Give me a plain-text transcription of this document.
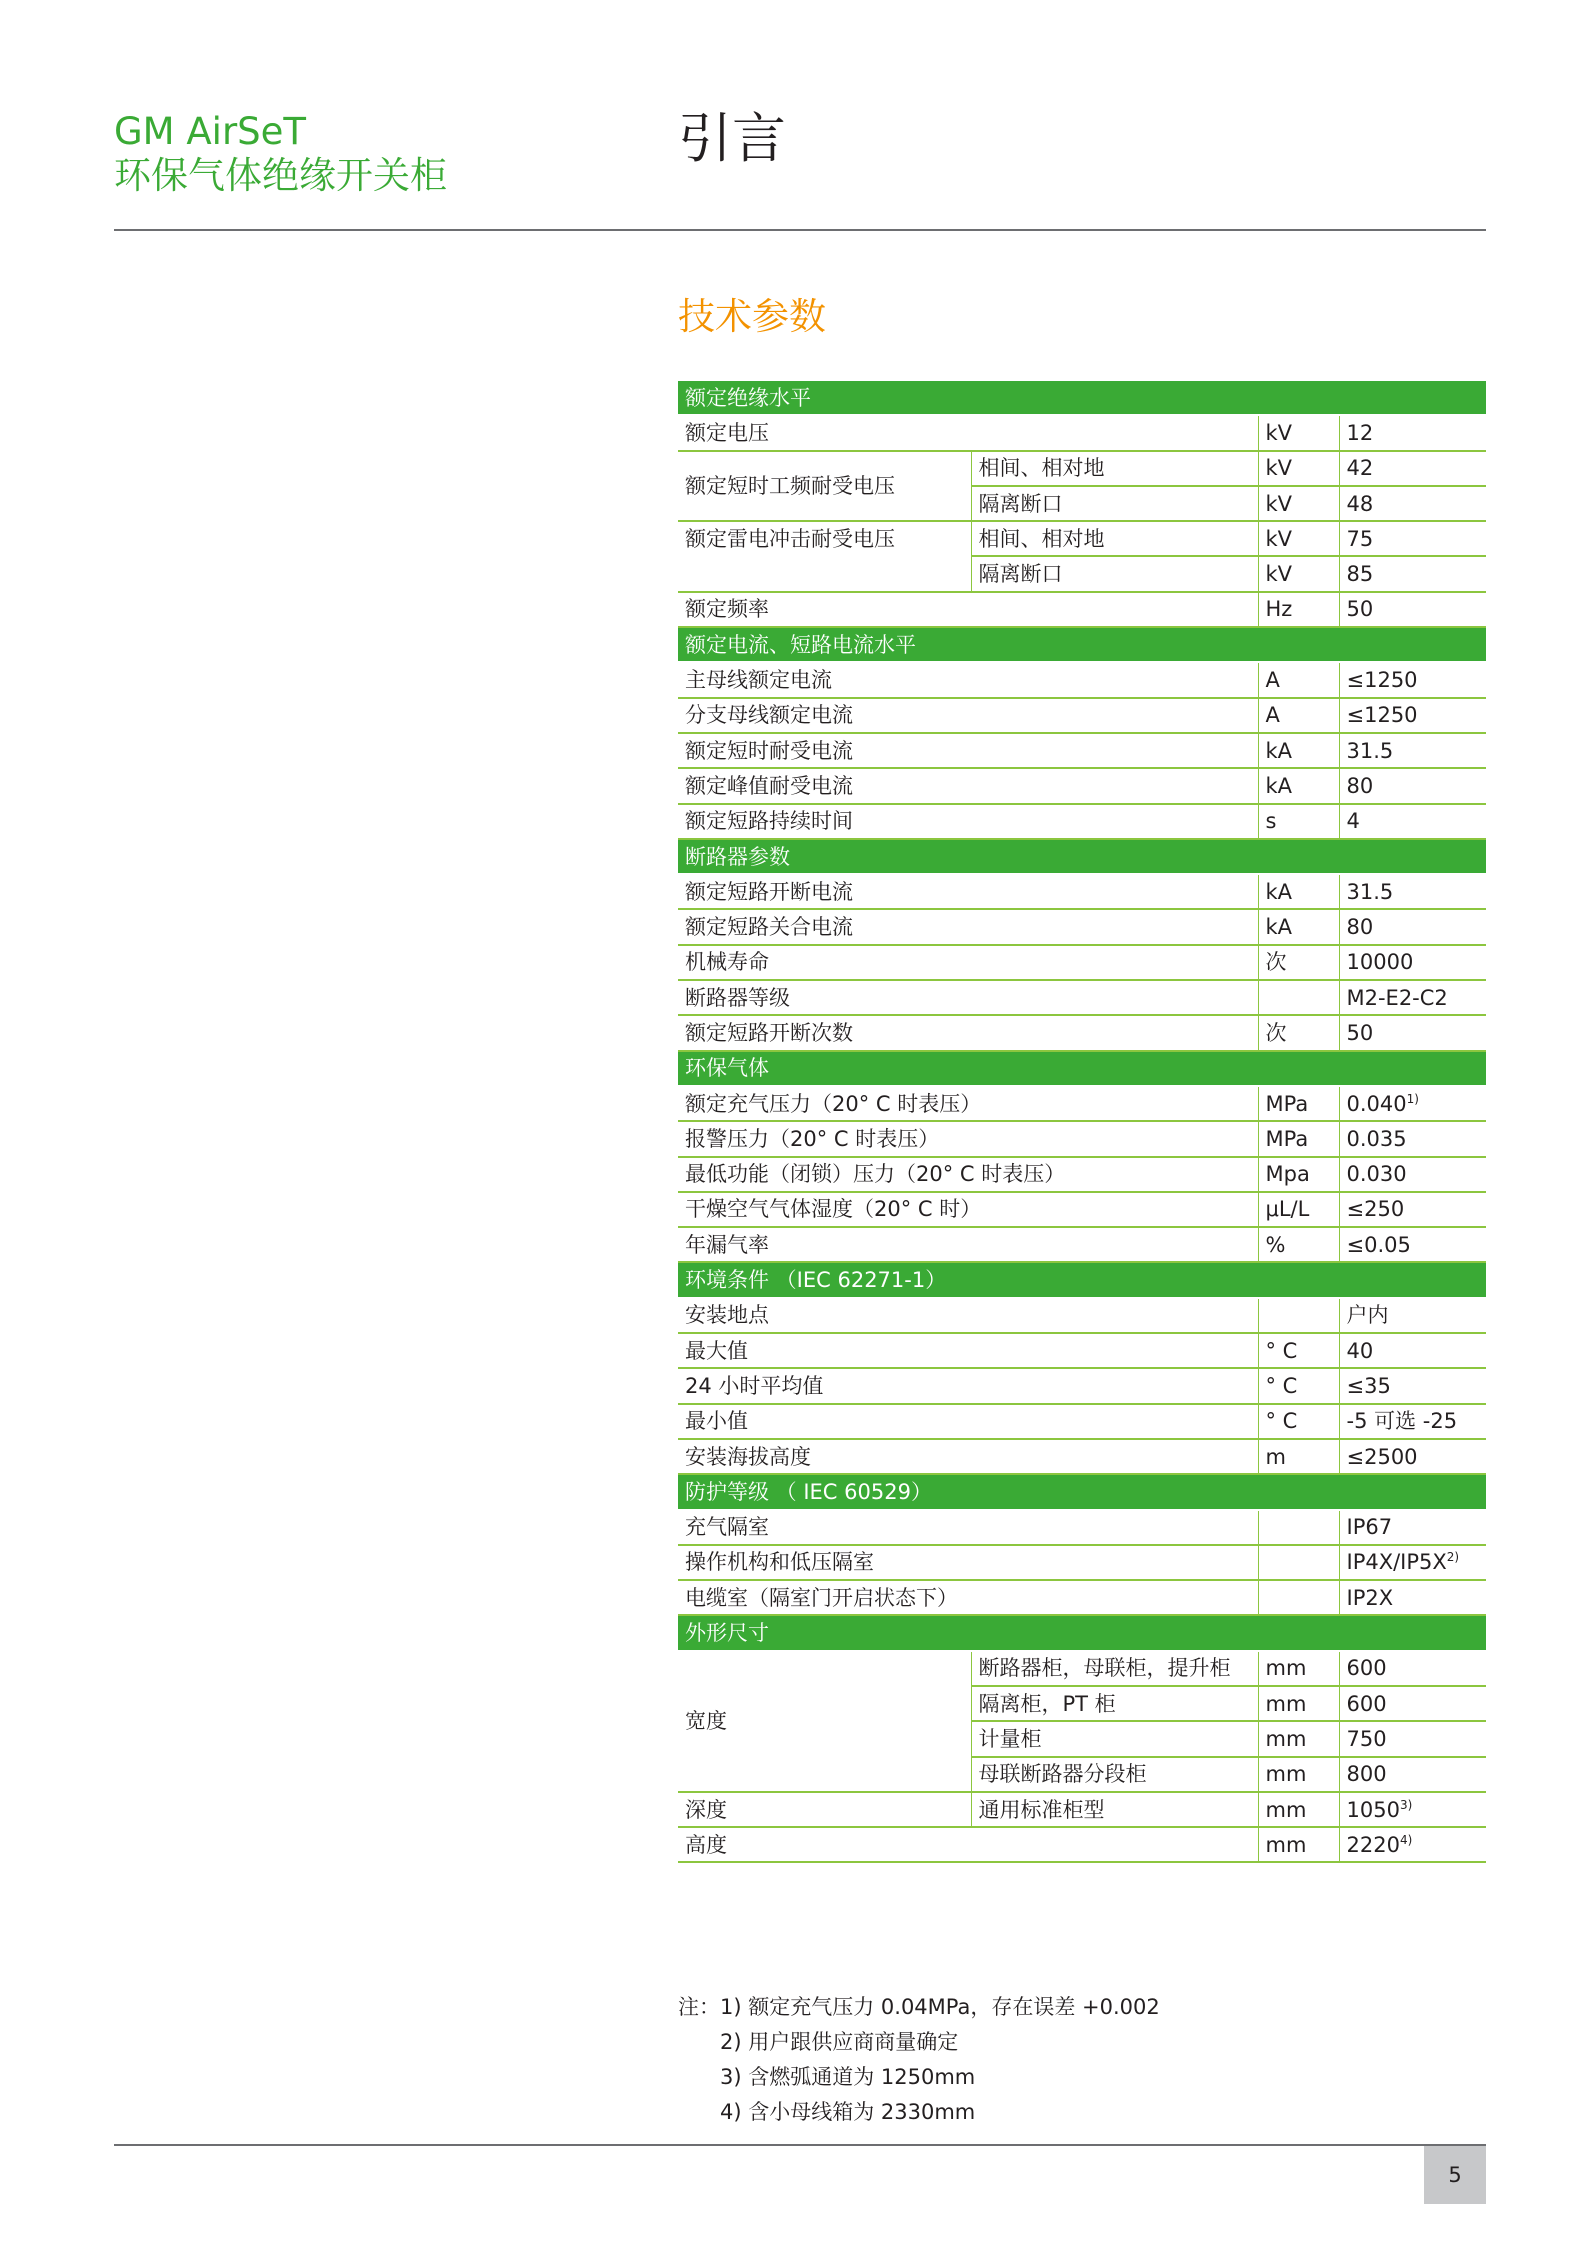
GM AirSeT
环保气体绝缘开关柜
引言
技术参数
额定绝缘水平			
额定电压		kV	12
额定短时工频耐受电压	相间、相对地	kV	42
	隔离断口	kV	48
额定雷电冲击耐受电压	相间、相对地	kV	75
	隔离断口	kV	85
额定频率		Hz	50
额定电流、短路电流水平			
主母线额定电流		A	≤1250
分支母线额定电流		A	≤1250
额定短时耐受电流		kA	31.5
额定峰值耐受电流		kA	80
额定短路持续时间		s	4
断路器参数			
额定短路开断电流		kA	31.5
额定短路关合电流		kA	80
机械寿命		次	10000
断路器等级			M2-E2-C2
额定短路开断次数		次	50
环保气体			
额定充气压力（20° C 时表压）		MPa	0.040$^{1)}$
报警压力（20° C 时表压）		MPa	0.035
最低功能（闭锁）压力（20° C 时表压）		Mpa	0.030
干燥空气气体湿度（20° C 时）		μL/L	≤250
年漏气率		%	≤0.05
环境条件 （IEC 62271-1）			
安装地点			户内
最大值		° C	40
24 小时平均值		° C	≤35
最小值		° C	-5 可选 -25
安装海拔高度		m	≤2500
防护等级 （ IEC 60529）			
充气隔室			IP67
操作机构和低压隔室			$IP4X/IP5X^{2)}$
电缆室（隔室门开启状态下）			IP2X
外形尺寸			
宽度	断路器柜，母联柜，提升柜	mm	600
	隔离柜，PT 柜	mm	600
	计量柜	mm	750
	母联断路器分段柜	mm	800
深度	通用标准柜型	mm	1050$^{3)}$
高度		mm	2220$^{4)}$
注：1) 额定充气压力 0.04MPa，存在误差 +0.002
2) 用户跟供应商商量确定
3) 含燃弧通道为 1250mm
4) 含小母线箱为 2330mm
5
